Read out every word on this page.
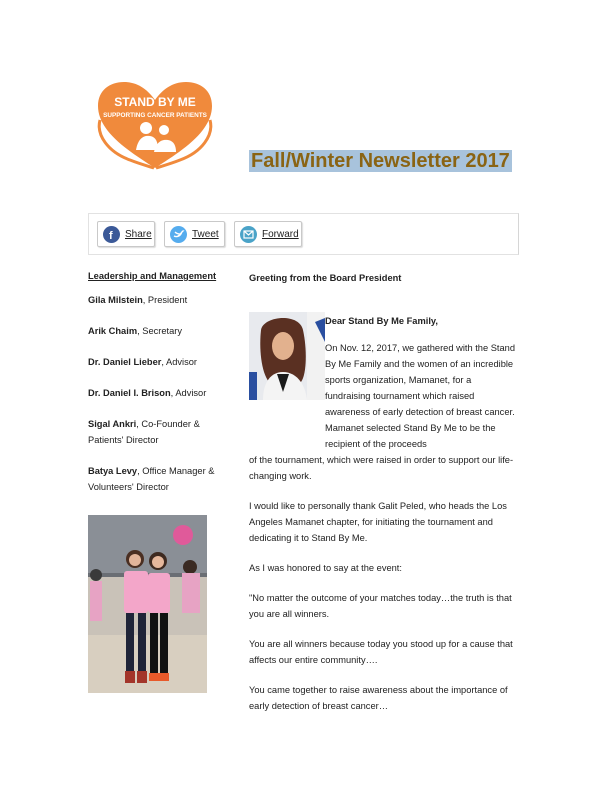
STAND BY ME
SUPPORTING CANCER PATIENTS
Fall/Winter Newsletter 2017
f Share	Tweet	Forward

Leadership and Management

Gila Milstein, President

Arik Chaim, Secretary

Dr. Daniel Lieber, Advisor

Dr. Daniel I. Brison, Advisor

Sigal Ankri, Co-Founder & Patients' Director

Batya Levy, Office Manager & Volunteers' Director

Greeting from the Board President

Dear Stand By Me Family,

On Nov. 12, 2017, we gathered with the Stand By Me Family and the women of an incredible sports organization, Mamanet, for a fundraising tournament which raised awareness of early detection of breast cancer. Mamanet selected Stand By Me to be the recipient of the proceeds

of the tournament, which were raised in order to support our life-changing work.

I would like to personally thank Galit Peled, who heads the Los Angeles Mamanet chapter, for initiating the tournament and dedicating it to Stand By Me.

As I was honored to say at the event:

"No matter the outcome of your matches today…the truth is that you are all winners.

You are all winners because today you stood up for a cause that affects our entire community….

You came together to raise awareness about the importance of early detection of breast cancer…
